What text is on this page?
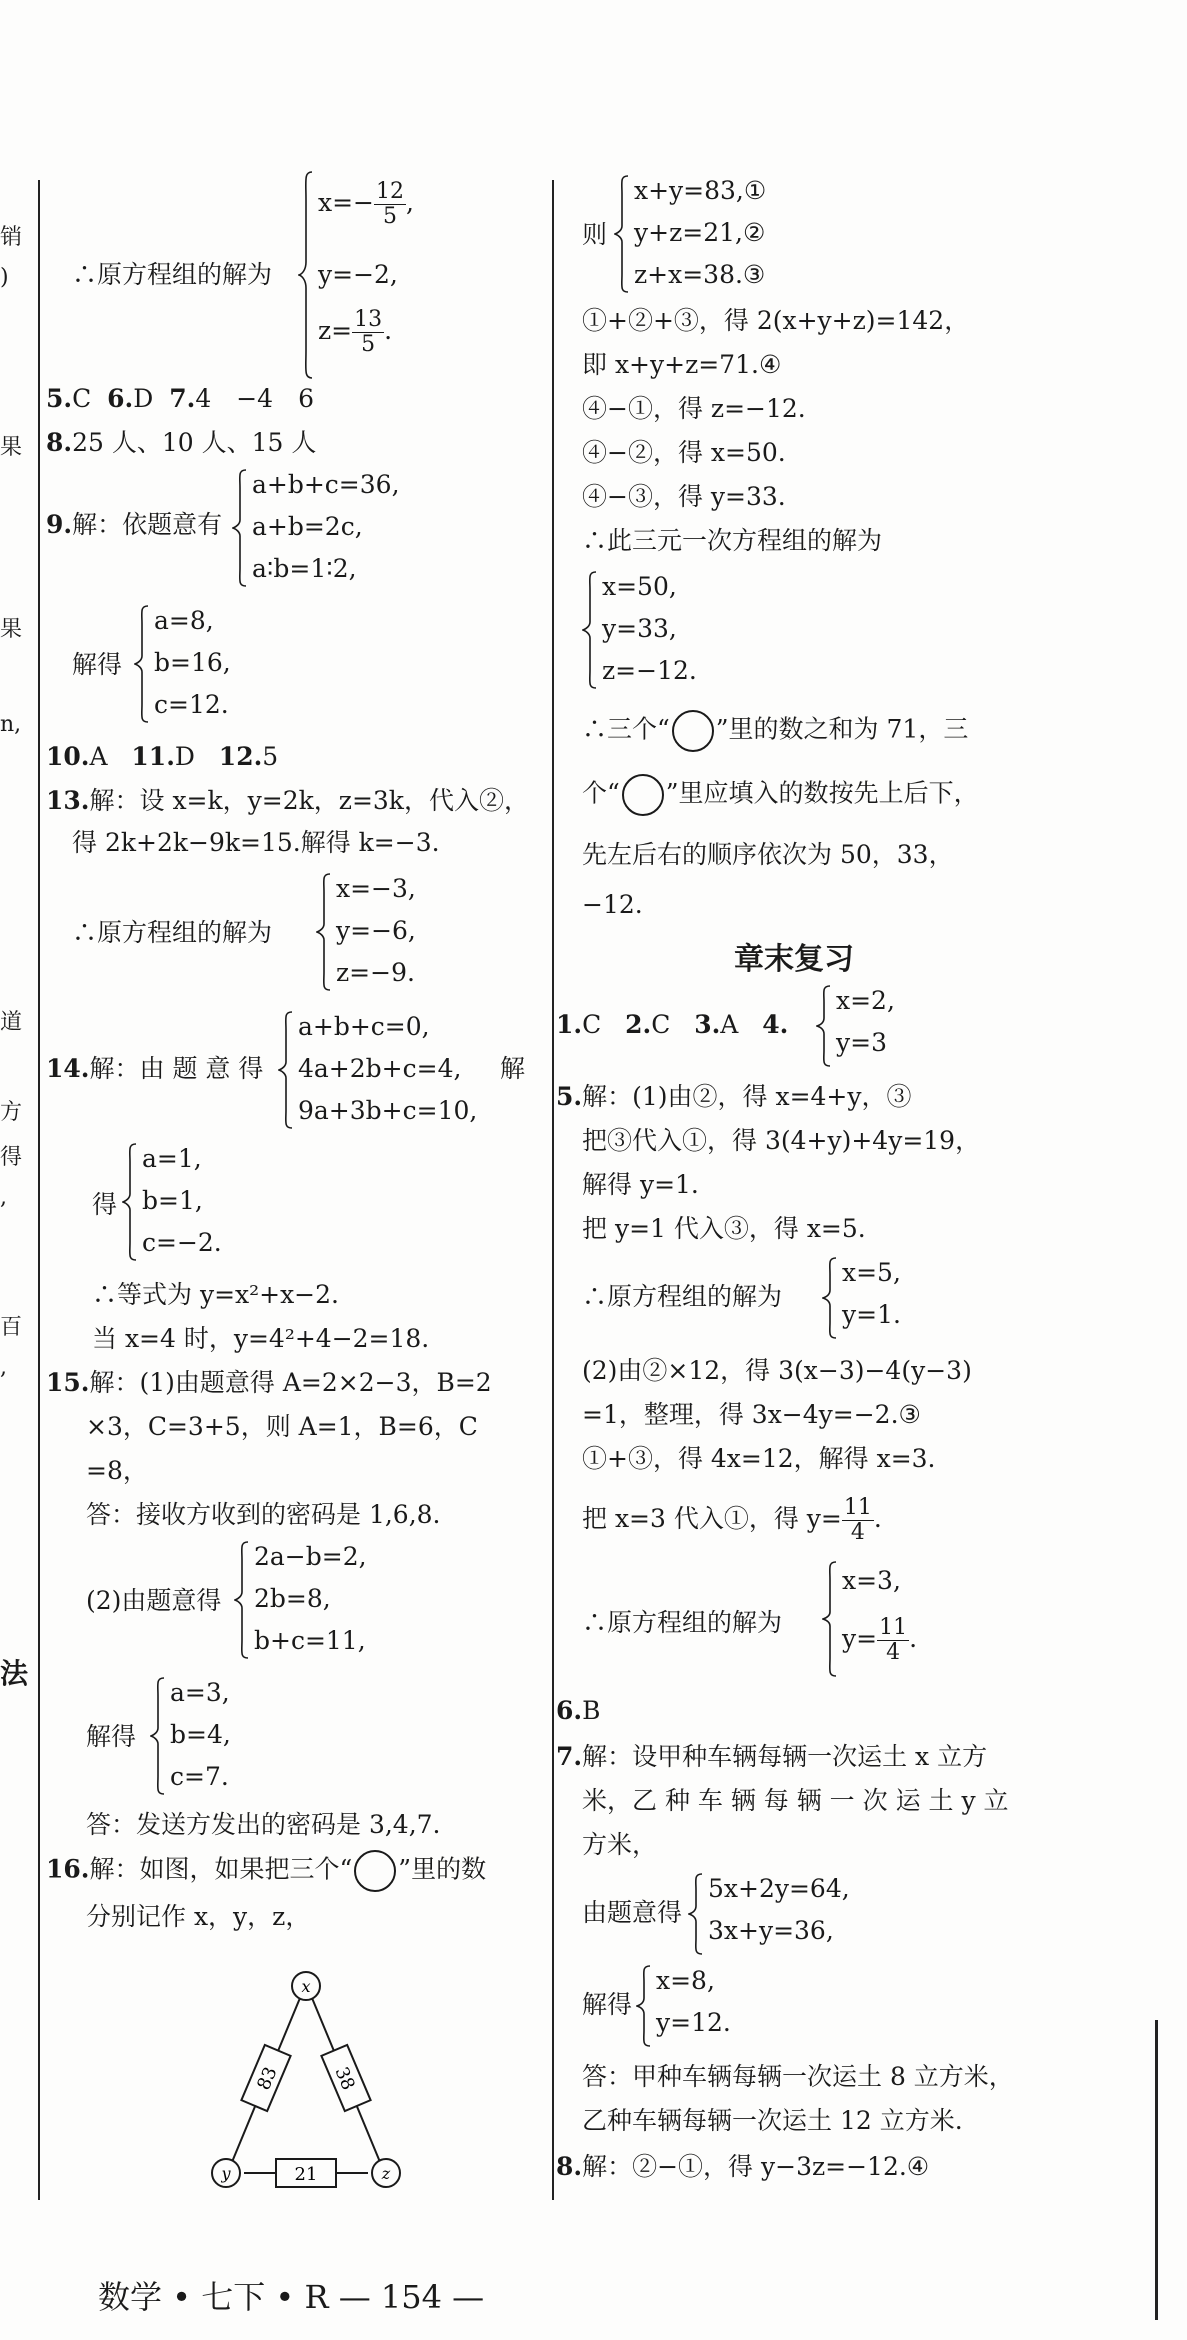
销
)
果
果
n,
道
方
得
,
百
,
法
∴原方程组的解为
$x=- \frac{12}{5}$ ,
y=−2,
$z= \frac{13}{5}$ .
5.C 6.D 7.4　−4　6
8.25 人、10 人、15 人
9.解：依题意有
a+b+c=36,
a+b=2c,
a∶b=1∶2,
解得
a=8,
b=16,
c=12.
10.A 11.D 12.5
13.解：设 x=k，y=2k，z=3k，代入②，
得 2k+2k−9k=15.解得 k=−3.
∴原方程组的解为
x=−3,
y=−6,
z=−9.
14.解：由 题 意 得
a+b+c=0,
4a+2b+c=4,
9a+3b+c=10,
解
得
a=1,
b=1,
c=−2.
∴等式为 y=x²+x−2.
当 x=4 时，y=4²+4−2=18.
15.解：(1)由题意得 A=2×2−3，B=2
×3，C=3+5，则 A=1，B=6，C
=8，
答：接收方收到的密码是 1,6,8.
(2)由题意得
2a−b=2,
2b=8,
b+c=11,
解得
a=3,
b=4,
c=7.
答：发送方发出的密码是 3,4,7.
16.解：如图，如果把三个“ ”里的数
分别记作 x，y，z，
x
y	z
83	38
21
则
x+y=83,①
y+z=21,②
z+x=38.③
①+②+③，得 2(x+y+z)=142，
即 x+y+z=71.④
④−①，得 z=−12.
④−②，得 x=50.
④−③，得 y=33.
∴此三元一次方程组的解为
x=50,
y=33,
z=−12.
∴三个“ ”里的数之和为 71，三
个“ ”里应填入的数按先上后下，
先左后右的顺序依次为 50，33，
−12.
章末复习
1.C 2.C 3.A 4.
x=2,
y=3
5.解：(1)由②，得 x=4+y，③
把③代入①，得 3(4+y)+4y=19，
解得 y=1.
把 y=1 代入③，得 x=5.
∴原方程组的解为
x=5,
y=1.
(2)由②×12，得 3(x−3)−4(y−3)
=1，整理，得 3x−4y=−2.③
①+③，得 4x=12，解得 x=3.
把 x=3 代入①，得 $y= \frac{11}{4}$ .
∴原方程组的解为
x=3,
$y= \frac{11}{4}$ .
6.B
7.解：设甲种车辆每辆一次运土 x 立方
米，乙 种 车 辆 每 辆 一 次 运 土 y 立
方米，
由题意得
5x+2y=64,
3x+y=36,
解得
x=8,
y=12.
答：甲种车辆每辆一次运土 8 立方米，
乙种车辆每辆一次运土 12 立方米.
8.解：②−①，得 y−3z=−12.④
数学 • 七下 • R — 154 —
